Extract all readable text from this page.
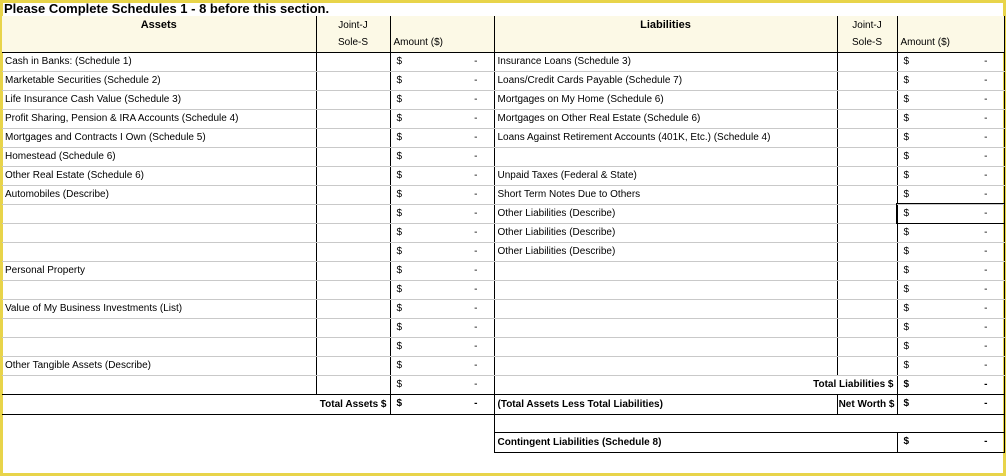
Please Complete Schedules 1 - 8 before this section.
Assets	Joint-J		Liabilities	Joint-J	
	Sole-S	Amount ($)		Sole-S	Amount ($)
Cash in Banks: (Schedule 1)		$ -	Insurance Loans (Schedule 3)		$ -

Marketable Securities (Schedule 2)		$ -	Loans/Credit Cards Payable (Schedule 7)		$ -

Life Insurance Cash Value (Schedule 3)		$ -	Mortgages on My Home (Schedule 6)		$ -

Profit Sharing, Pension & IRA Accounts (Schedule 4)		$ -	Mortgages on Other Real Estate (Schedule 6)		$ -

Mortgages and Contracts I Own (Schedule 5)		$ -	Loans Against Retirement Accounts (401K, Etc.) (Schedule 4)		$ -

Homestead (Schedule 6)		$ -			$ -

Other Real Estate (Schedule 6)		$ -	Unpaid Taxes (Federal & State)		$ -

Automobiles (Describe)		$ -	Short Term Notes Due to Others		$ -

		$ -	Other Liabilities (Describe)		$ -

		$ -	Other Liabilities (Describe)		$ -

		$ -	Other Liabilities (Describe)		$ -

Personal Property		$ -			$ -

		$ -			$ -

Value of My Business Investments (List)		$ -			$ -

		$ -			$ -

		$ -			$ -

Other Tangible Assets (Describe)		$ -			$ -

		$ -	Total Liabilities $		$ -

Total Assets $		$ -	(Total Assets Less Total Liabilities)	Net Worth $	$ -

			Contingent Liabilities (Schedule 8)		$ -
